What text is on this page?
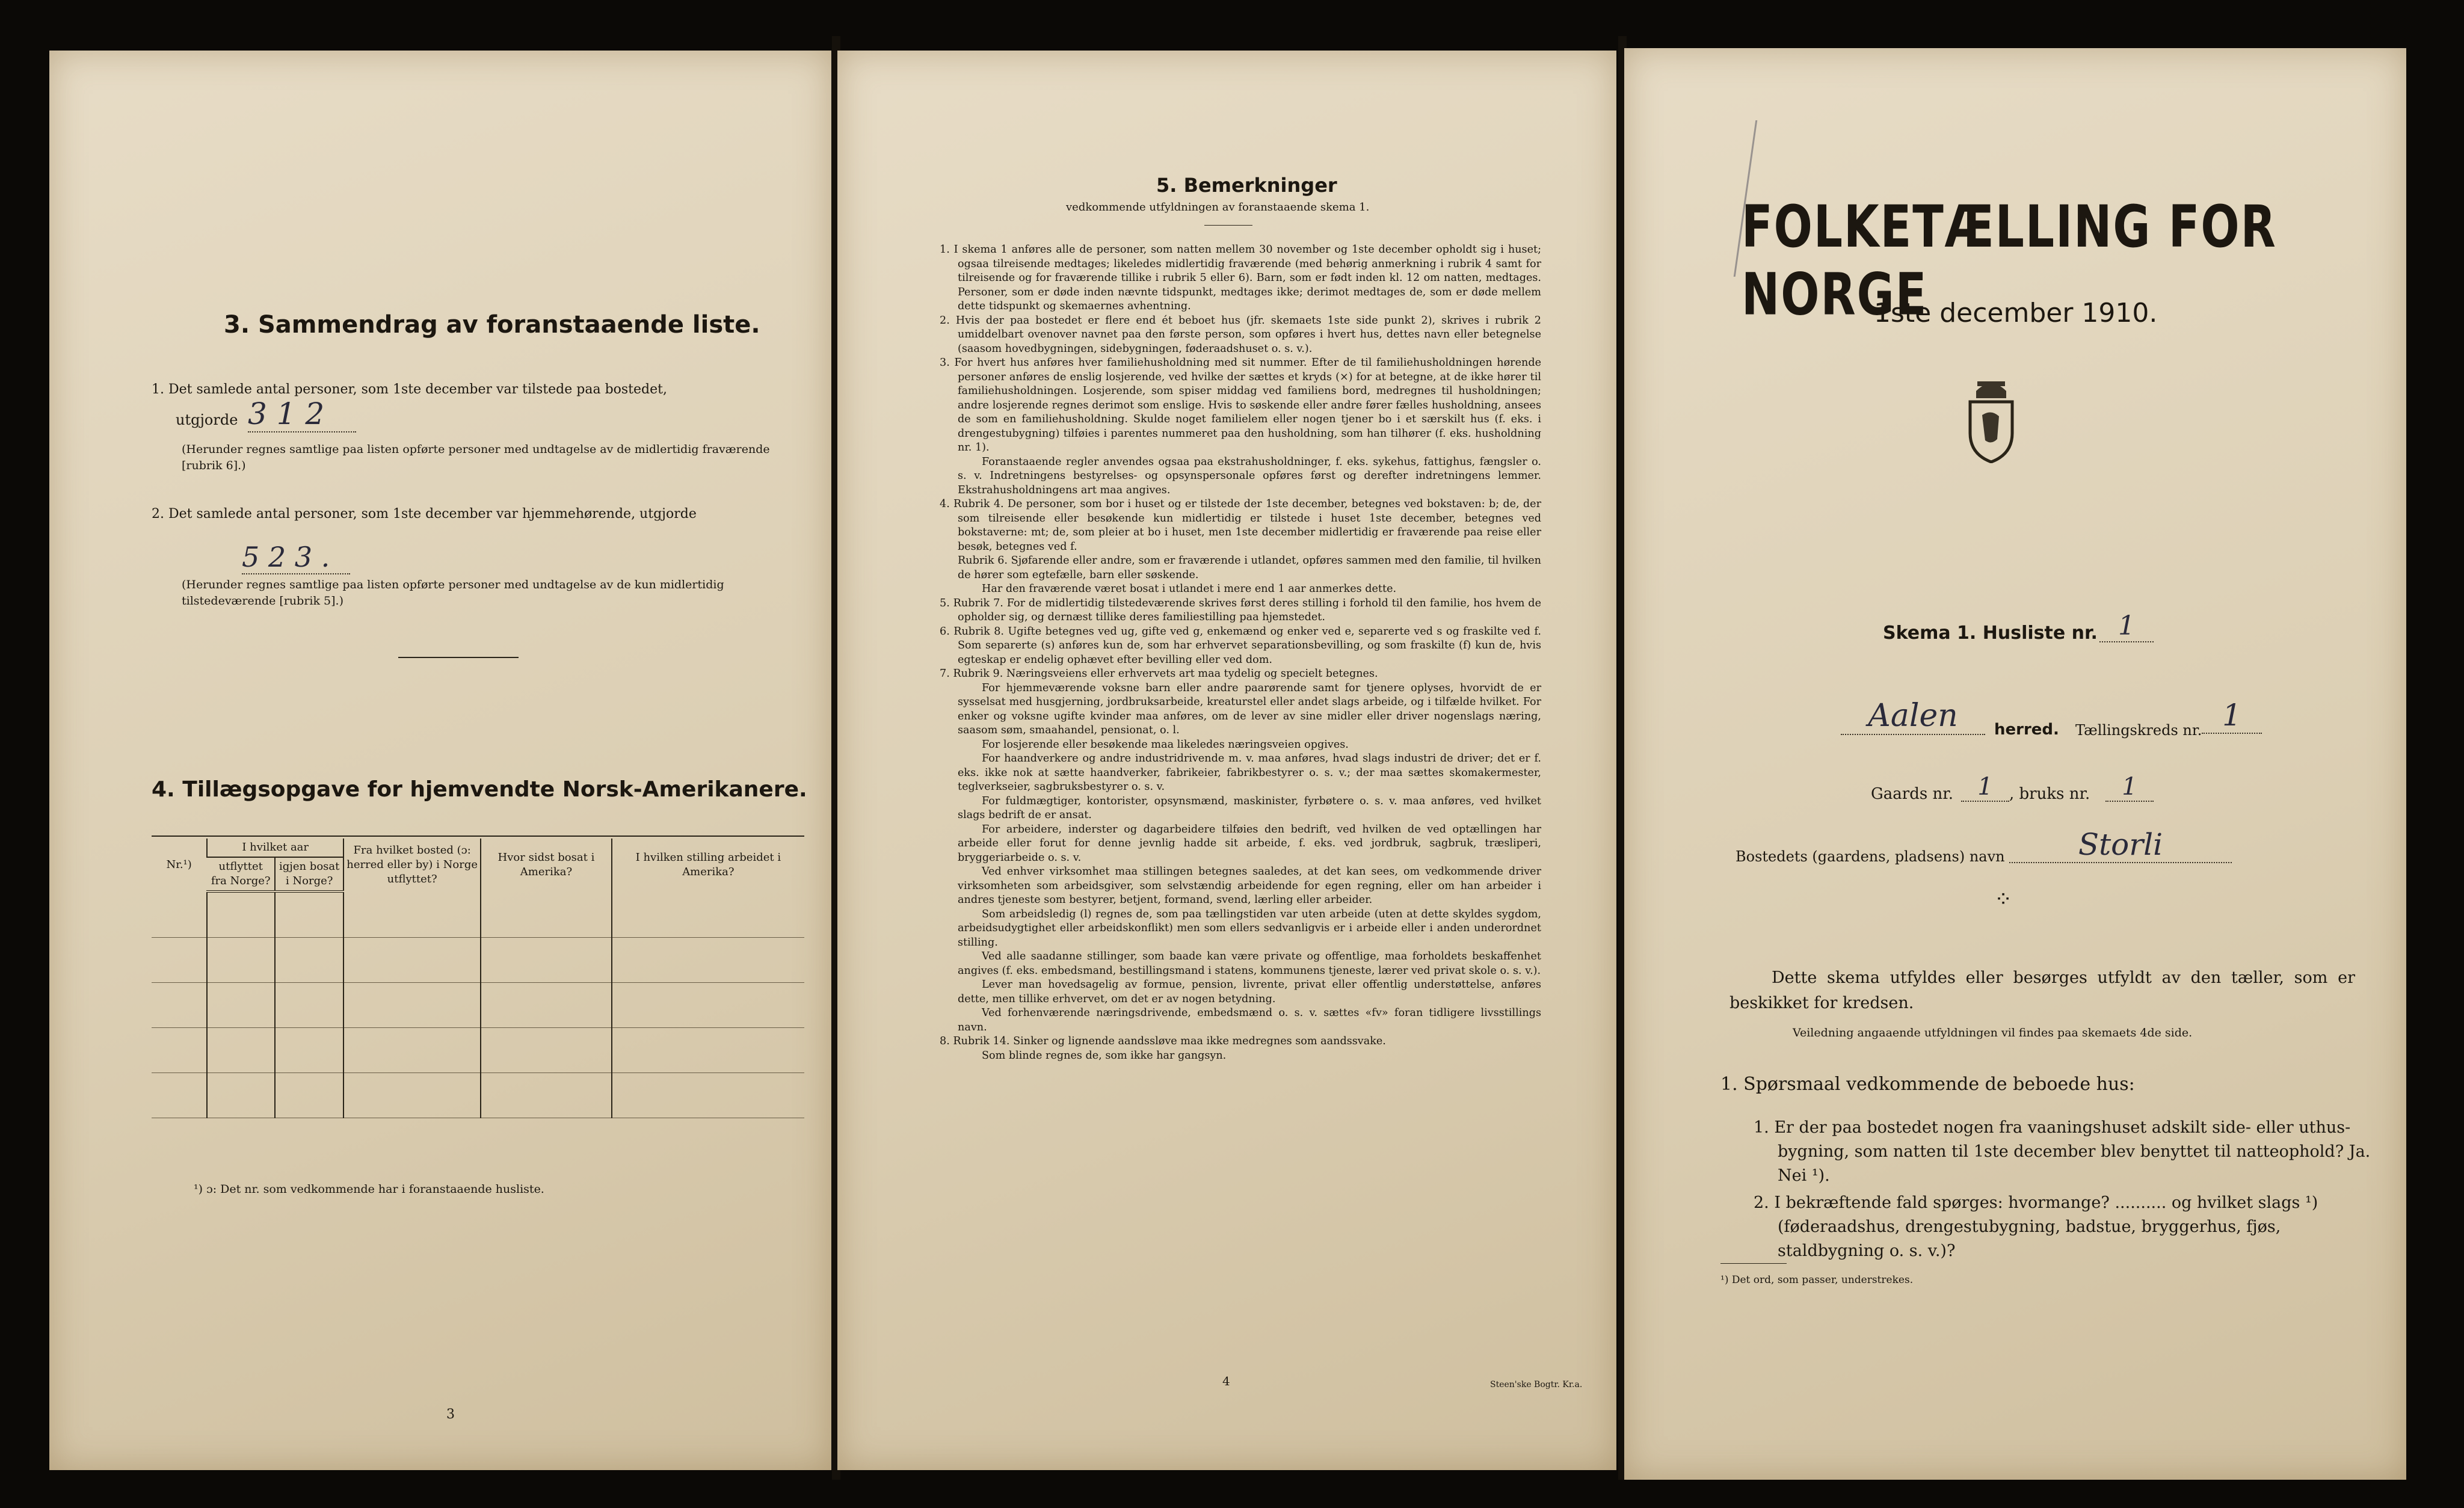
3. Sammendrag av foranstaaende liste.
1. Det samlede antal personer, som 1ste december var tilstede paa bostedet,
utgjorde 3 1 2
(Herunder regnes samtlige paa listen opførte personer med undtagelse av de midlertidig fraværende [rubrik 6].)
2. Det samlede antal personer, som 1ste december var hjemmehørende, utgjorde
5 2 3 .
(Herunder regnes samtlige paa listen opførte personer med undtagelse av de kun midlertidig tilstedeværende [rubrik 5].)
4. Tillægsopgave for hjemvendte Norsk-Amerikanere.
Nr.¹)	I hvilket aar		Fra hvilket bosted (ɔ: herred eller by) i Norge utflyttet?	Hvor sidst bosat i Amerika?	I hvilken stilling arbeidet i Amerika?
	utflyttet fra Norge?	igjen bosat i Norge?			

¹) ɔ: Det nr. som vedkommende har i foranstaaende husliste.
3
5. Bemerkninger
vedkommende utfyldningen av foranstaaende skema 1.

1. I skema 1 anføres alle de personer, som natten mellem 30 november og 1ste december opholdt sig i huset; ogsaa tilreisende medtages; likeledes midlertidig fraværende (med behørig anmerkning i rubrik 4 samt for tilreisende og for fraværende tillike i rubrik 5 eller 6). Barn, som er født inden kl. 12 om natten, medtages. Personer, som er døde inden nævnte tidspunkt, medtages ikke; derimot medtages de, som er døde mellem dette tidspunkt og skemaernes avhentning.

2. Hvis der paa bostedet er flere end ét beboet hus (jfr. skemaets 1ste side punkt 2), skrives i rubrik 2 umiddelbart ovenover navnet paa den første person, som opføres i hvert hus, dettes navn eller betegnelse (saasom hovedbygningen, sidebygningen, føderaadshuset o. s. v.).

3. For hvert hus anføres hver familiehusholdning med sit nummer. Efter de til familiehusholdningen hørende personer anføres de enslig losjerende, ved hvilke der sættes et kryds (×) for at betegne, at de ikke hører til familiehusholdningen. Losjerende, som spiser middag ved familiens bord, medregnes til husholdningen; andre losjerende regnes derimot som enslige. Hvis to søskende eller andre fører fælles husholdning, ansees de som en familiehusholdning. Skulde noget familielem eller nogen tjener bo i et særskilt hus (f. eks. i drengestubygning) tilføies i parentes nummeret paa den husholdning, som han tilhører (f. eks. husholdning nr. 1).

Foranstaaende regler anvendes ogsaa paa ekstrahusholdninger, f. eks. sykehus, fattighus, fængsler o. s. v. Indretningens bestyrelses- og opsynspersonale opføres først og derefter indretningens lemmer. Ekstrahusholdningens art maa angives.

4. Rubrik 4. De personer, som bor i huset og er tilstede der 1ste december, betegnes ved bokstaven: b; de, der som tilreisende eller besøkende kun midlertidig er tilstede i huset 1ste december, betegnes ved bokstaverne: mt; de, som pleier at bo i huset, men 1ste december midlertidig er fraværende paa reise eller besøk, betegnes ved f.

Rubrik 6. Sjøfarende eller andre, som er fraværende i utlandet, opføres sammen med den familie, til hvilken de hører som egtefælle, barn eller søskende.

Har den fraværende været bosat i utlandet i mere end 1 aar anmerkes dette.

5. Rubrik 7. For de midlertidig tilstedeværende skrives først deres stilling i forhold til den familie, hos hvem de opholder sig, og dernæst tillike deres familiestilling paa hjemstedet.

6. Rubrik 8. Ugifte betegnes ved ug, gifte ved g, enkemænd og enker ved e, separerte ved s og fraskilte ved f. Som separerte (s) anføres kun de, som har erhvervet separationsbevilling, og som fraskilte (f) kun de, hvis egteskap er endelig ophævet efter bevilling eller ved dom.

7. Rubrik 9. Næringsveiens eller erhvervets art maa tydelig og specielt betegnes.

For hjemmeværende voksne barn eller andre paarørende samt for tjenere oplyses, hvorvidt de er sysselsat med husgjerning, jordbruksarbeide, kreaturstel eller andet slags arbeide, og i tilfælde hvilket. For enker og voksne ugifte kvinder maa anføres, om de lever av sine midler eller driver nogenslags næring, saasom søm, smaahandel, pensionat, o. l.

For losjerende eller besøkende maa likeledes næringsveien opgives.

For haandverkere og andre industridrivende m. v. maa anføres, hvad slags industri de driver; det er f. eks. ikke nok at sætte haandverker, fabrikeier, fabrikbestyrer o. s. v.; der maa sættes skomakermester, teglverkseier, sagbruksbestyrer o. s. v.

For fuldmægtiger, kontorister, opsynsmænd, maskinister, fyrbøtere o. s. v. maa anføres, ved hvilket slags bedrift de er ansat.

For arbeidere, inderster og dagarbeidere tilføies den bedrift, ved hvilken de ved optællingen har arbeide eller forut for denne jevnlig hadde sit arbeide, f. eks. ved jordbruk, sagbruk, træsliperi, bryggeriarbeide o. s. v.

Ved enhver virksomhet maa stillingen betegnes saaledes, at det kan sees, om vedkommende driver virksomheten som arbeidsgiver, som selvstændig arbeidende for egen regning, eller om han arbeider i andres tjeneste som bestyrer, betjent, formand, svend, lærling eller arbeider.

Som arbeidsledig (l) regnes de, som paa tællingstiden var uten arbeide (uten at dette skyldes sygdom, arbeidsudygtighet eller arbeidskonflikt) men som ellers sedvanligvis er i arbeide eller i anden underordnet stilling.

Ved alle saadanne stillinger, som baade kan være private og offentlige, maa forholdets beskaffenhet angives (f. eks. embedsmand, bestillingsmand i statens, kommunens tjeneste, lærer ved privat skole o. s. v.).

Lever man hovedsagelig av formue, pension, livrente, privat eller offentlig understøttelse, anføres dette, men tillike erhvervet, om det er av nogen betydning.

Ved forhenværende næringsdrivende, embedsmænd o. s. v. sættes «fv» foran tidligere livsstillings navn.

8. Rubrik 14. Sinker og lignende aandssløve maa ikke medregnes som aandssvake.

Som blinde regnes de, som ikke har gangsyn.

4	Steen'ske Bogtr. Kr.a.
FOLKETÆLLING FOR NORGE
1ste december 1910.
Skema 1. Husliste nr. 1
Aalen	herred. Tællingskreds nr. 1
Gaards nr.	1	, bruks nr.	1
Bostedets (gaardens, pladsens) navn	Storli
⁘
Dette skema utfyldes eller besørges utfyldt av den tæller, som er beskikket for kredsen.
Veiledning angaaende utfyldningen vil findes paa skemaets 4de side.
1. Spørsmaal vedkommende de beboede hus:
1. Er der paa bostedet nogen fra vaaningshuset adskilt side- eller uthus-bygning, som natten til 1ste december blev benyttet til natteophold? Ja. Nei ¹).
2. I bekræftende fald spørges: hvormange? .......... og hvilket slags ¹) (føderaadshus, drengestubygning, badstue, bryggerhus, fjøs, staldbygning o. s. v.)?
¹) Det ord, som passer, understrekes.
